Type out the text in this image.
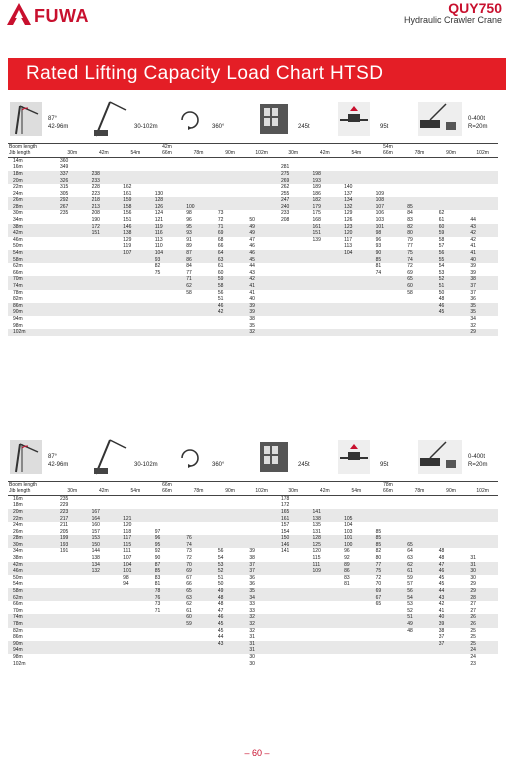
FUWA	QUY750
Hydraulic Crawler Crane
Rated Lifting Capacity Load Chart HTSD
87°
42-96m	30-102m	360°	245t	95t
0-400t
R=20m
Boom length	42m							54m						
Jib length	30m	42m	54m	66m	78m	90m	102m	30m	42m	54m	66m	78m	90m	102m
14m	360													
16m	349							281						
18m	337	238						275	198					
20m	326	233						269	193					
22m	315	228	162					262	189	140				
24m	305	223	161	130				255	186	137	109			
26m	292	218	159	128				247	182	134	108			
28m	267	213	158	126	100			240	179	132	107	85		
30m	235	208	156	124	98	73		233	175	129	106	84	62	
34m		190	151	121	96	72	50	208	168	126	103	83	61	44
38m		172	146	119	95	71	49		161	123	101	82	60	43
42m		151	138	116	93	69	49		151	120	98	80	59	42
46m			129	113	91	68	47		139	117	96	79	58	42
50m			119	110	89	66	46			113	93	77	57	41
54m			107	104	87	64	46			104	90	75	56	41
58m				93	86	63	45				85	74	55	40
62m				82	84	61	44				81	72	54	39
66m				75	77	60	43				74	69	53	39
70m					71	59	42					65	52	38
74m					62	58	41					60	51	37
78m					58	56	41					58	50	37
82m						51	40						48	36
86m						46	39						46	35
90m						42	39						45	35
94m							38							34
98m							35							32
102m							32							29
87°
42-96m	30-102m	360°	245t	95t
0-400t
R=20m
Boom length	66m							78m						
Jib length	30m	42m	54m	66m	78m	90m	102m	30m	42m	54m	66m	78m	90m	102m
16m	235							178						
18m	229							172						
20m	223	167						165	141					
22m	217	164	121					161	138	105				
24m	211	160	120					157	135	104				
26m	205	157	118	97				154	131	103	85			
28m	199	153	117	96	76			150	128	101	85			
30m	193	150	115	95	74			146	125	100	85	65		
34m	191	144	111	92	73	56	39	141	120	96	82	64	48	
38m		138	107	90	72	54	38		115	92	80	63	48	31
42m		134	104	87	70	53	37		111	89	77	62	47	31
46m		132	101	85	69	52	37		109	86	75	61	46	30
50m			98	83	67	51	36			83	72	59	45	30
54m			94	81	66	50	36			81	70	57	45	29
58m				78	65	49	35				69	56	44	29
62m				76	63	48	34				67	54	43	28
66m				73	62	48	33				65	53	42	27
70m				71	61	47	33					52	41	27
74m					60	46	32					51	40	26
78m					59	45	32					49	39	26
82m						45	32					48	38	25
86m						44	31						37	25
90m						43	31						37	25
94m							31							24
98m							30							24
102m							30							23
– 60 –
